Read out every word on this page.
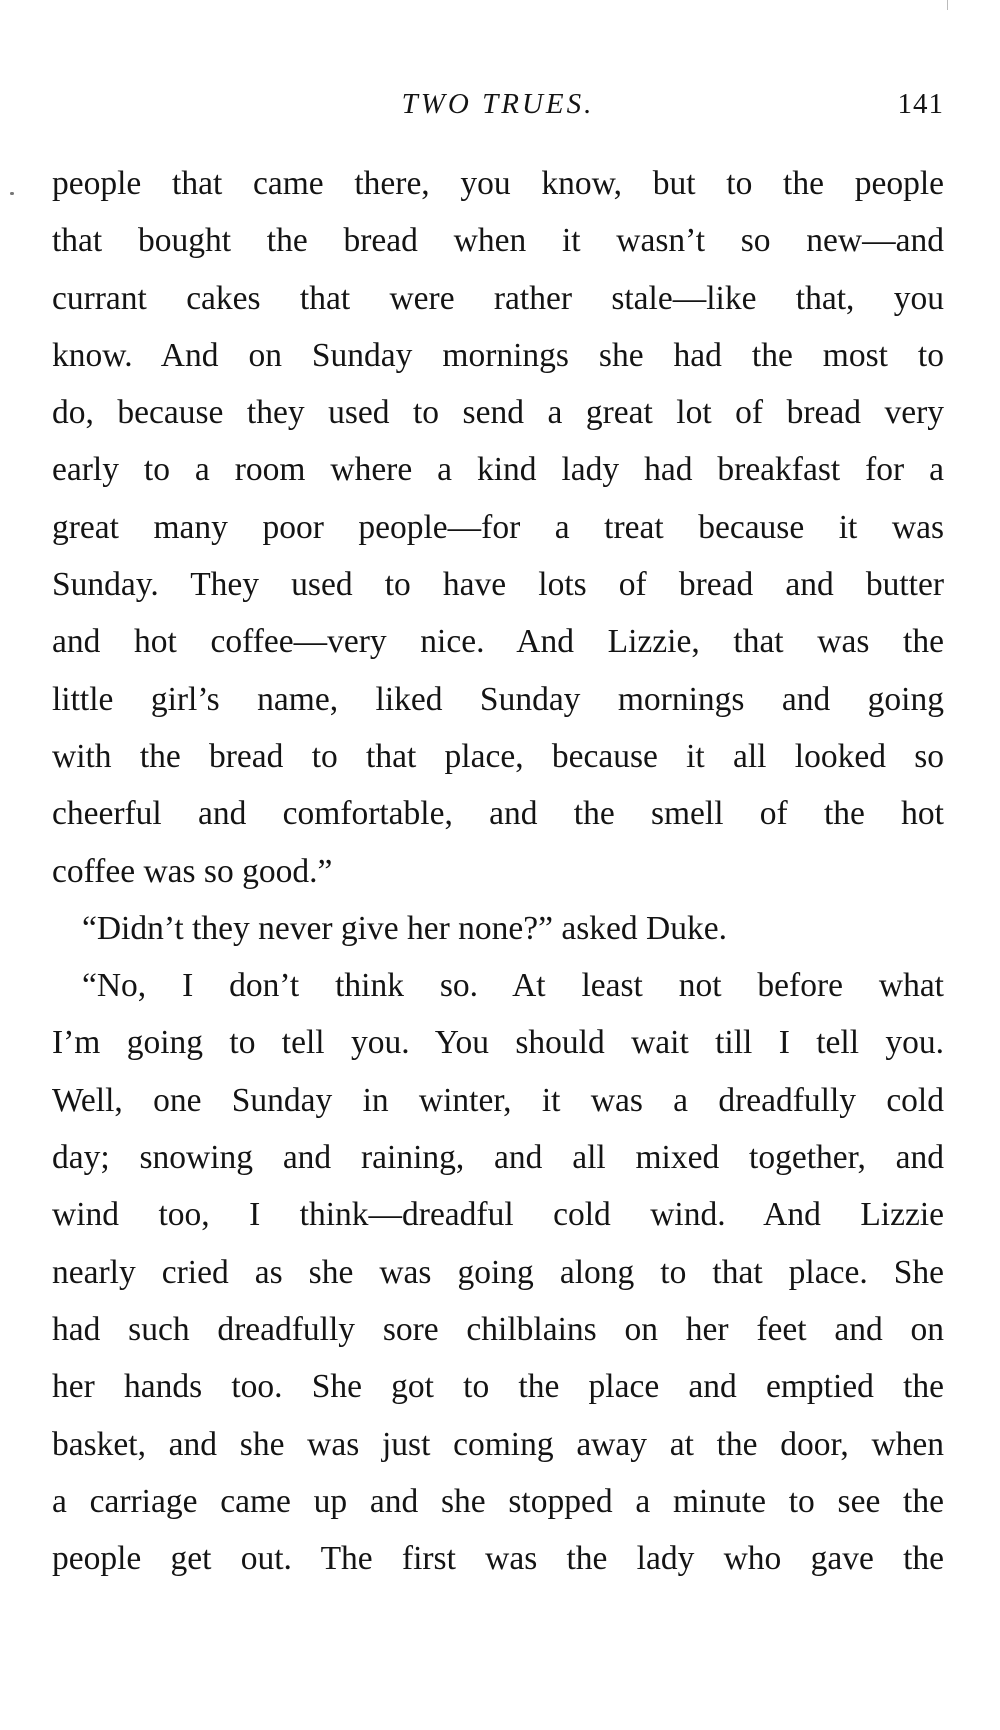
TWO TRUES.	141
people that came there, you know, but to the people
that bought the bread when it wasn’t so new—and
currant cakes that were rather stale—like that, you
know. And on Sunday mornings she had the most to
do, because they used to send a great lot of bread very
early to a room where a kind lady had breakfast for a
great many poor people—for a treat because it was
Sunday. They used to have lots of bread and butter
and hot coffee—very nice. And Lizzie, that was the
little girl’s name, liked Sunday mornings and going
with the bread to that place, because it all looked so
cheerful and comfortable, and the smell of the hot
coffee was so good.”
“Didn’t they never give her none?” asked Duke.
“No, I don’t think so. At least not before what
I’m going to tell you. You should wait till I tell you.
Well, one Sunday in winter, it was a dreadfully cold
day; snowing and raining, and all mixed together, and
wind too, I think—dreadful cold wind. And Lizzie
nearly cried as she was going along to that place. She
had such dreadfully sore chilblains on her feet and on
her hands too. She got to the place and emptied the
basket, and she was just coming away at the door, when
a carriage came up and she stopped a minute to see the
people get out. The first was the lady who gave the
